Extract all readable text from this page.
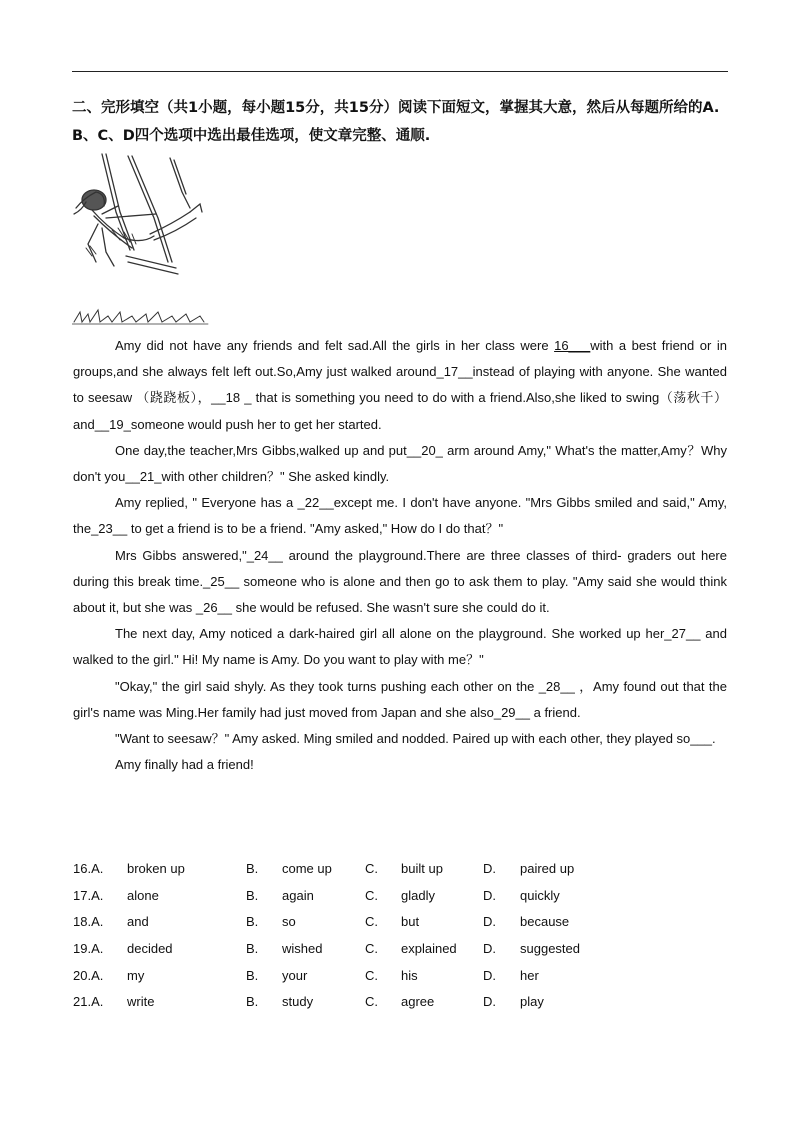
二、完形填空（共1小题，每小题15分，共15分）阅读下面短文，掌握其大意，然后从每题所给的A. B、C、D四个选项中选出最佳选项，使文章完整、通顺.

Amy did not have any friends and felt sad.All the girls in her class were 16___with a best friend or in groups,and she always felt left out.So,Amy just walked around_17__instead of playing with anyone. She wanted to seesaw （跷跷板），__18 _ that is something you need to do with a friend.Also,she liked to swing（荡秋千）and__19_someone would push her to get her started.

One day,the teacher,Mrs Gibbs,walked up and put__20_ arm around Amy," What's the matter,Amy？Why don't you__21_with other children？" She asked kindly.

Amy replied, " Everyone has a _22__except me. I don't have anyone. "Mrs Gibbs smiled and said," Amy, the_23__ to get a friend is to be a friend. "Amy asked," How do I do that？"

Mrs Gibbs answered,"_24__ around the playground.There are three classes of third- graders out here during this break time._25__ someone who is alone and then go to ask them to play. "Amy said she would think about it, but she was _26__ she would be refused. She wasn't sure she could do it.

The next day, Amy noticed a dark-haired girl all alone on the playground. She worked up her_27__ and walked to the girl." Hi! My name is Amy. Do you want to play with me？"

"Okay," the girl said shyly. As they took turns pushing each other on the _28__ ，Amy found out that the girl's name was Ming.Her family had just moved from Japan and she also_29__ a friend.

"Want to seesaw？" Amy asked. Ming smiled and nodded. Paired up with each other, they played so___.

Amy finally had a friend!

16.A. broken up	B. come up	C. built up	D. paired up
17.A. alone	B. again	C. gladly	D. quickly
18.A. and	B. so	C. but	D. because
19.A. decided	B. wished	C. explained D. suggested
20.A. my	B. your	C. his	D. her
21.A. write	B. study	C. agree	D. play
